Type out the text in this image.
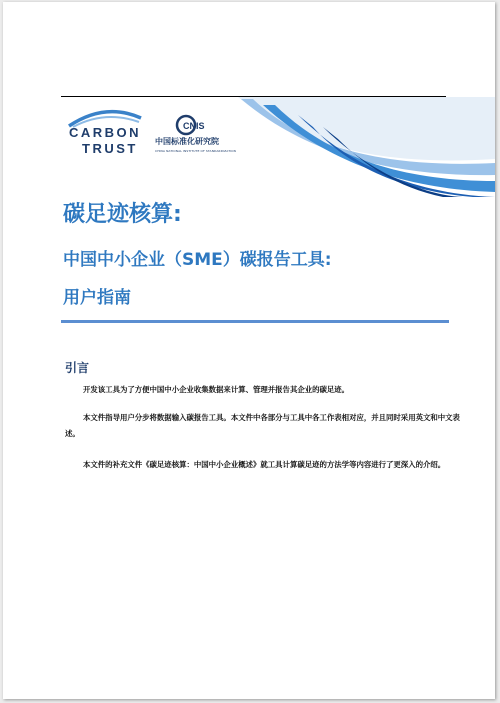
CARBON
TRUST
CNIS
中国标准化研究院
CHINA NATIONAL INSTITUTE OF STANDARDIZATION
碳足迹核算:
中国中小企业（SME）碳报告工具:
用户指南
引言
开发该工具为了方便中国中小企业收集数据来计算、管理并报告其企业的碳足迹。
本文件指导用户分步将数据输入碳报告工具。本文件中各部分与工具中各工作表相对应，并且同时采用英文和中文表述。
本文件的补充文件《碳足迹核算：中国中小企业概述》就工具计算碳足迹的方法学等内容进行了更深入的介绍。
